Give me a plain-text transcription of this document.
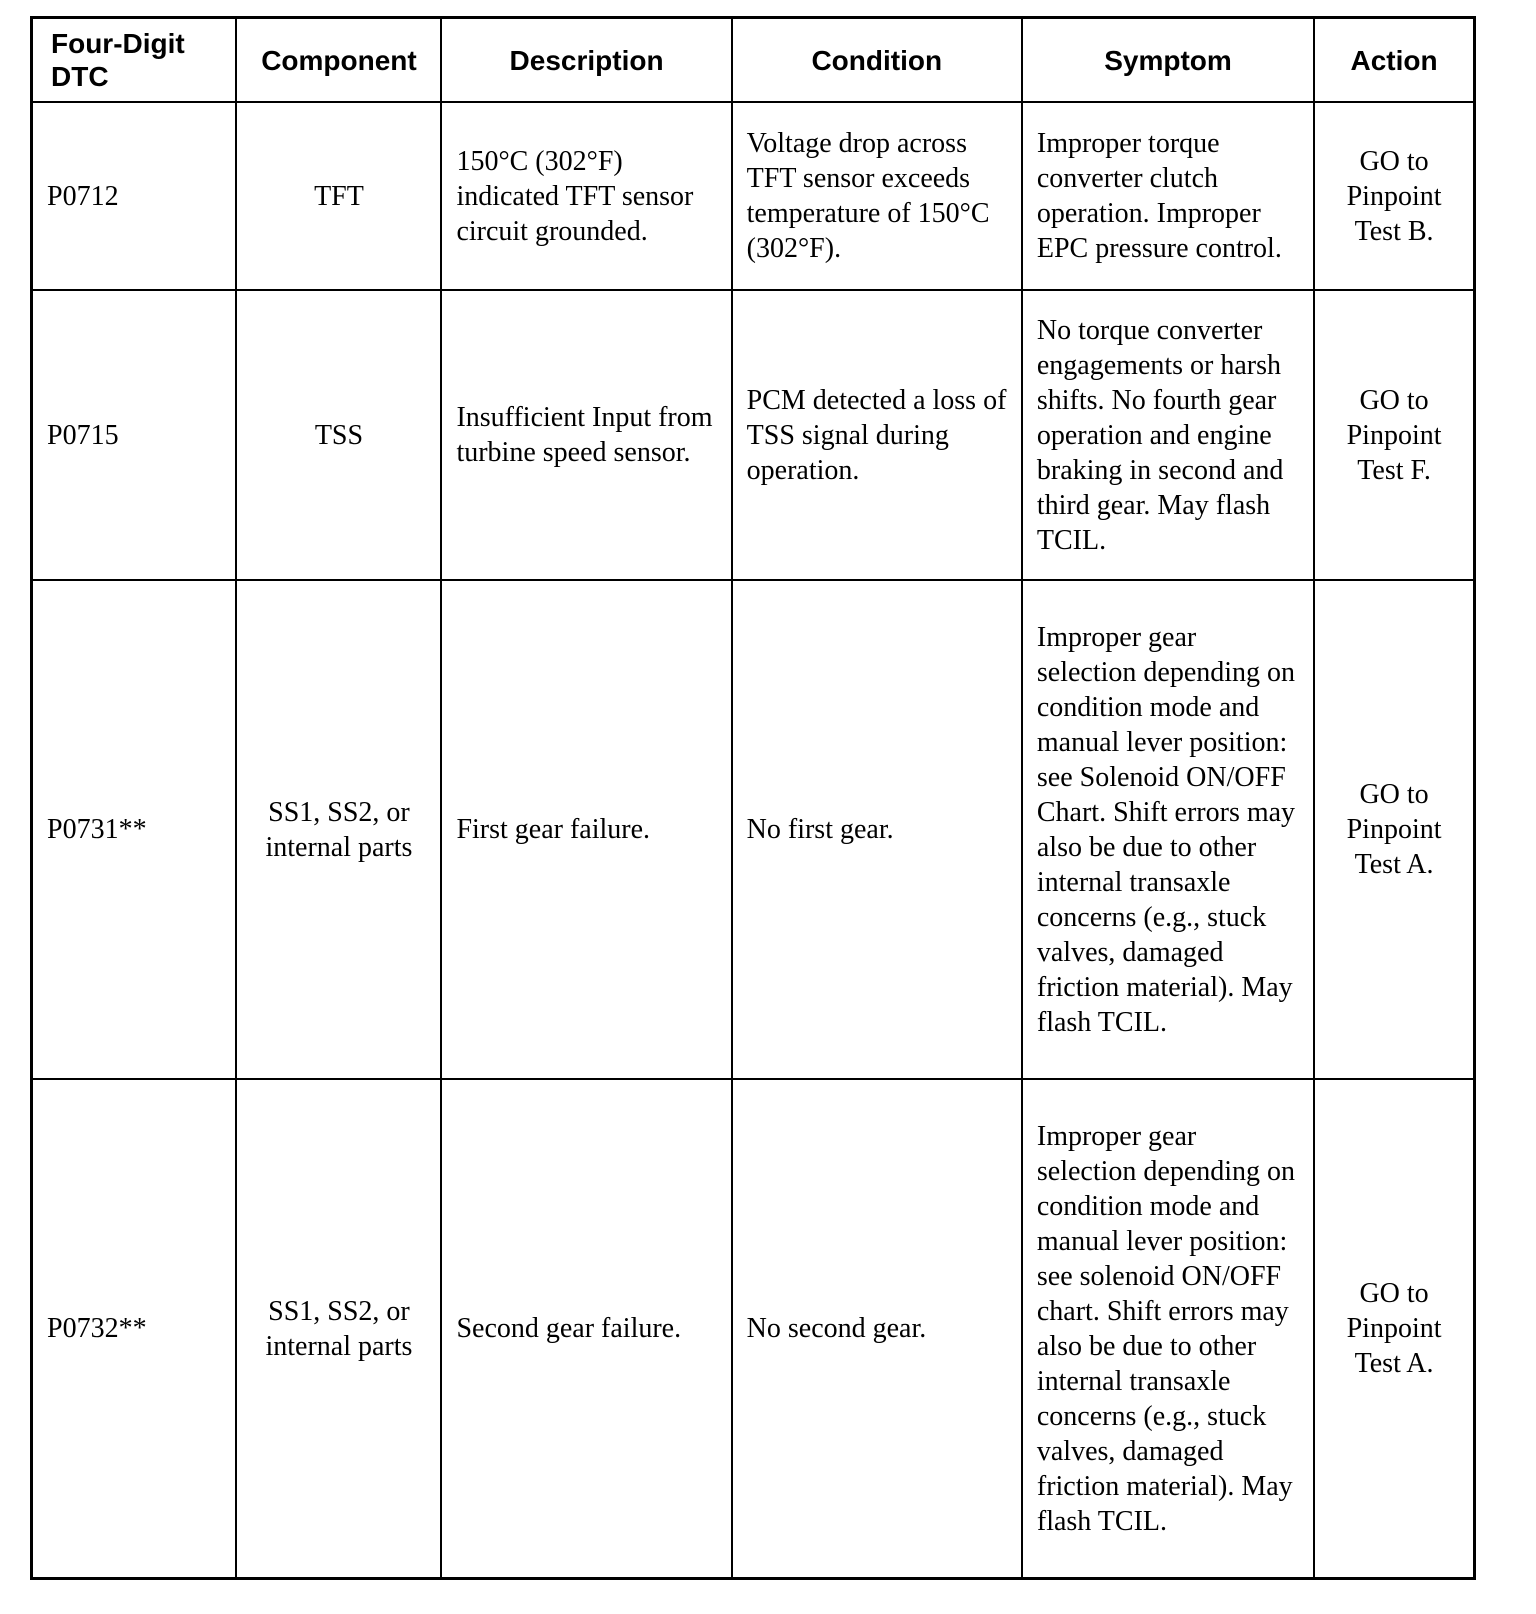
Four-Digit
DTC	Component	Description	Condition	Symptom	Action
P0712	TFT	150°C (302°F) indicated TFT sensor circuit grounded.	Voltage drop across TFT sensor exceeds temperature of 150°C (302°F).	Improper torque converter clutch operation. Improper EPC pressure control.	GO to Pinpoint Test B.
P0715	TSS	Insufficient Input from turbine speed sensor.	PCM detected a loss of TSS signal during operation.	No torque converter engagements or harsh shifts. No fourth gear operation and engine braking in second and third gear. May flash TCIL.	GO to Pinpoint Test F.
P0731**	SS1, SS2, or internal parts	First gear failure.	No first gear.	Improper gear selection depending on condition mode and manual lever position: see Solenoid ON/OFF Chart. Shift errors may also be due to other internal transaxle concerns (e.g., stuck valves, damaged friction material). May flash TCIL.	GO to Pinpoint Test A.
P0732**	SS1, SS2, or internal parts	Second gear failure.	No second gear.	Improper gear selection depending on condition mode and manual lever position: see solenoid ON/OFF chart. Shift errors may also be due to other internal transaxle concerns (e.g., stuck valves, damaged friction material). May flash TCIL.	GO to Pinpoint Test A.
